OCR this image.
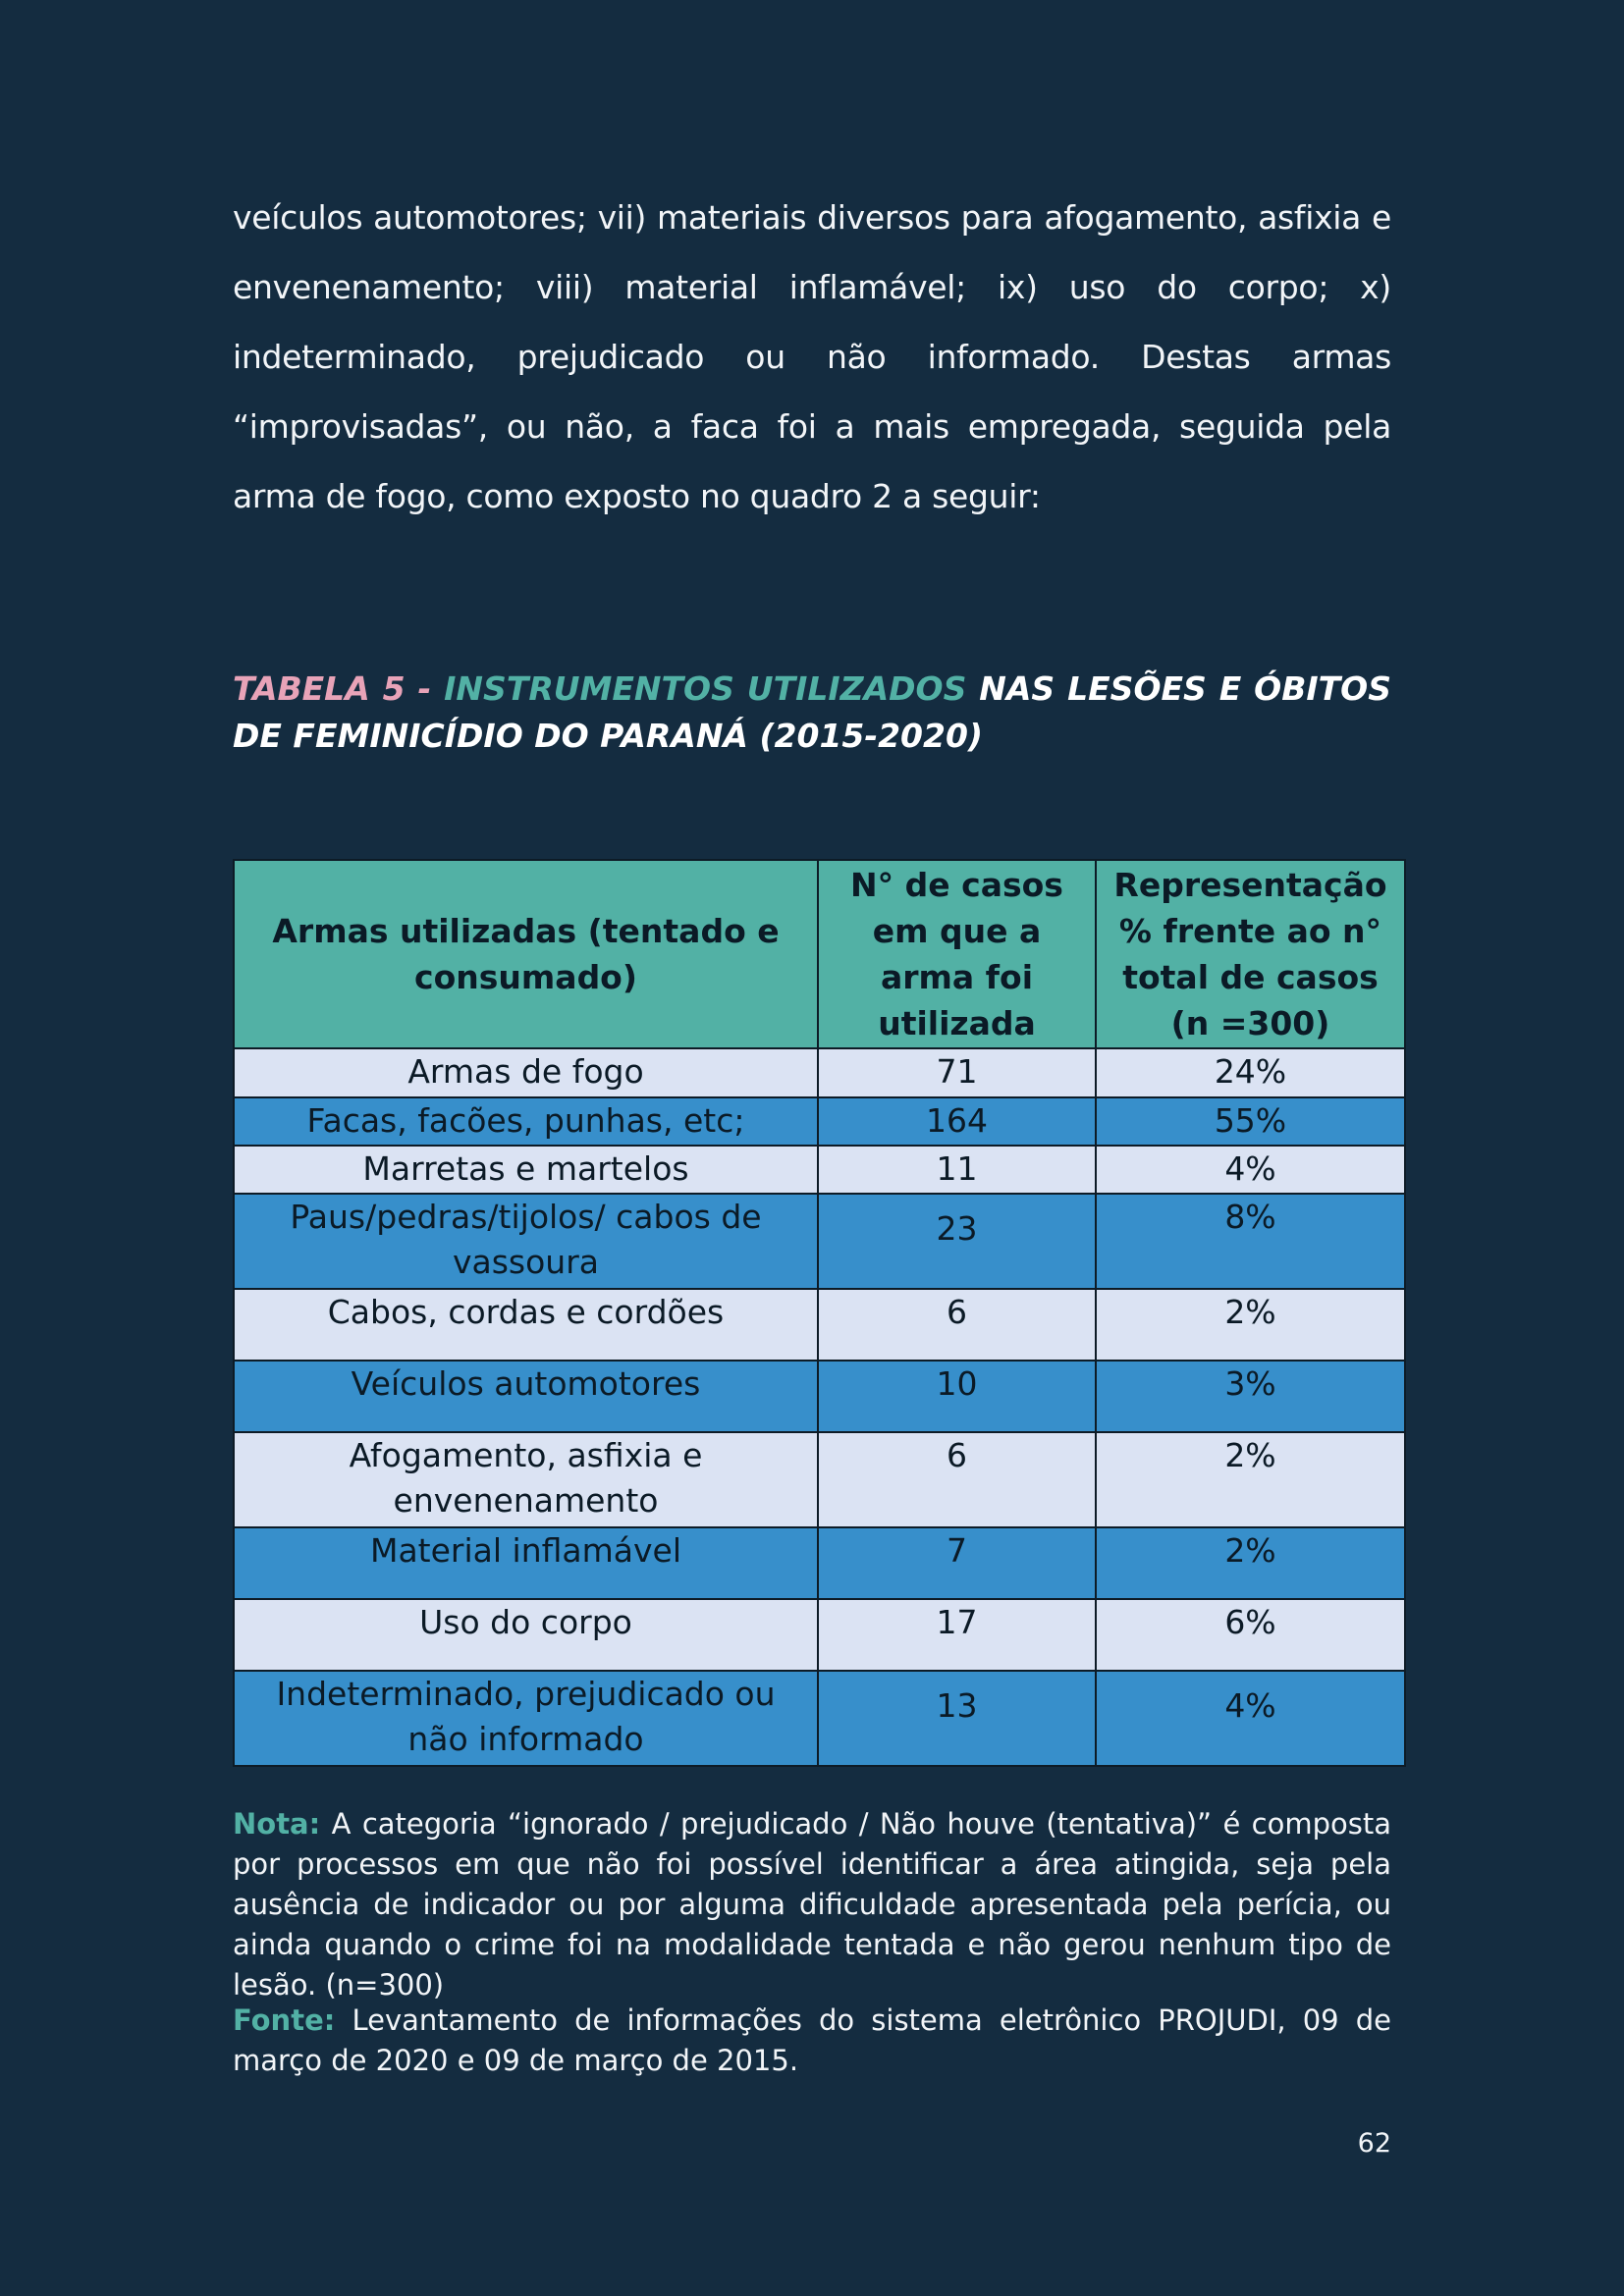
veículos automotores; vii) materiais diversos para afogamento, asfixia e envenenamento; viii) material inflamável; ix) uso do corpo; x) indeterminado, prejudicado ou não informado. Destas armas “improvisadas”, ou não, a faca foi a mais empregada, seguida pela arma de fogo, como exposto no quadro 2 a seguir:

TABELA 5 - INSTRUMENTOS UTILIZADOS NAS LESÕES E ÓBITOS DE FEMINICÍDIO DO PARANÁ (2015-2020)

Armas utilizadas (tentado e consumado)	N° de casos em que a arma foi utilizada	Representação % frente ao n° total de casos (n =300)
Armas de fogo	71	24%
Facas, facões, punhas, etc;	164	55%
Marretas e martelos	11	4%
Paus/pedras/tijolos/ cabos de vassoura	23	8%
Cabos, cordas e cordões	6	2%
Veículos automotores	10	3%
Afogamento, asfixia e envenenamento	6	2%
Material inflamável	7	2%
Uso do corpo	17	6%
Indeterminado, prejudicado ou não informado	13	4%

Nota: A categoria “ignorado / prejudicado / Não houve (tentativa)” é composta por processos em que não foi possível identificar a área atingida, seja pela ausência de indicador ou por alguma dificuldade apresentada pela perícia, ou ainda quando o crime foi na modalidade tentada e não gerou nenhum tipo de lesão. (n=300)

Fonte: Levantamento de informações do sistema eletrônico PROJUDI, 09 de março de 2020 e 09 de março de 2015.

62
